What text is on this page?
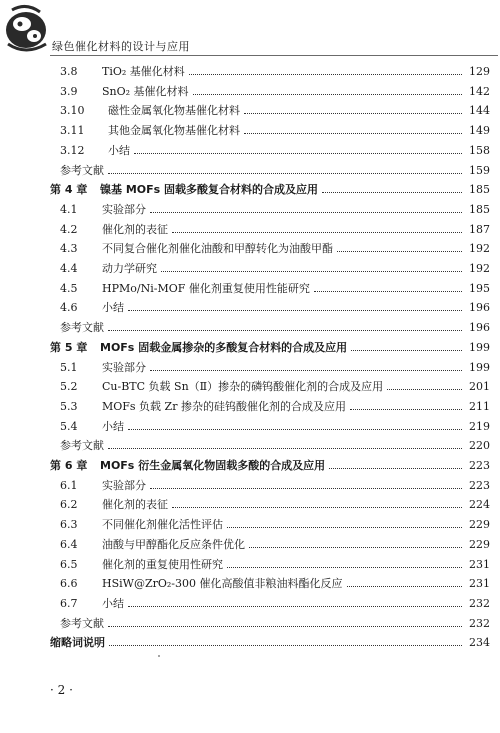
绿色催化材料的设计与应用
3.8	TiO₂ 基催化材料	129
3.9	SnO₂ 基催化材料	142
3.10	磁性金属氧化物基催化材料	144
3.11	其他金属氧化物基催化材料	149
3.12	小结	158
参考文献	159
第 4 章	镍基 MOFs 固载多酸复合材料的合成及应用	185
4.1	实验部分	185
4.2	催化剂的表征	187
4.3	不同复合催化剂催化油酸和甲醇转化为油酸甲酯	192
4.4	动力学研究	192
4.5	HPMo/Ni-MOF 催化剂重复使用性能研究	195
4.6	小结	196
参考文献	196
第 5 章	MOFs 固载金属掺杂的多酸复合材料的合成及应用	199
5.1	实验部分	199
5.2	Cu-BTC 负载 Sn（Ⅱ）掺杂的磷钨酸催化剂的合成及应用	201
5.3	MOFs 负载 Zr 掺杂的硅钨酸催化剂的合成及应用	211
5.4	小结	219
参考文献	220
第 6 章	MOFs 衍生金属氧化物固载多酸的合成及应用	223
6.1	实验部分	223
6.2	催化剂的表征	224
6.3	不同催化剂催化活性评估	229
6.4	油酸与甲醇酯化反应条件优化	229
6.5	催化剂的重复使用性研究	231
6.6	HSiW@ZrO₂-300 催化高酸值非粮油料酯化反应	231
6.7	小结	232
参考文献	232
缩略词说明	234
· 2 ·
